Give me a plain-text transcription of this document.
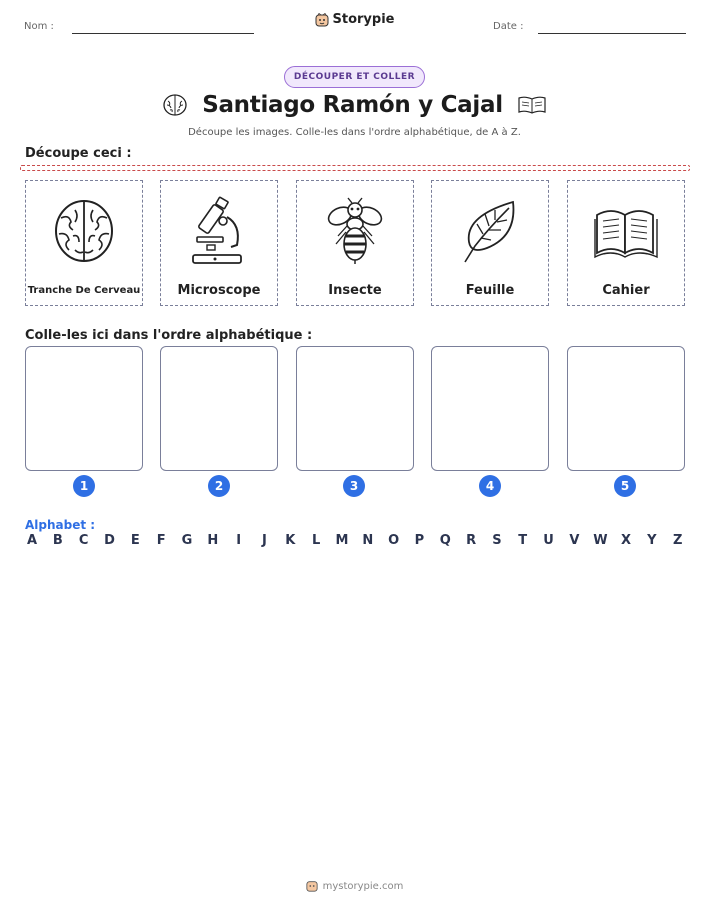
Nom :	Storypie	Date :
DÉCOUPER ET COLLER
Santiago Ramón y Cajal
Découpe les images. Colle-les dans l'ordre alphabétique, de A à Z.
Découpe ceci :
Tranche De Cerveau	Microscope	Insecte	Feuille	Cahier
Colle-les ici dans l'ordre alphabétique :
1	2	3	4	5
Alphabet :
A B C D E F G H	I	J	K L M N O P Q R S T U V W X Y Z
mystorypie.com
